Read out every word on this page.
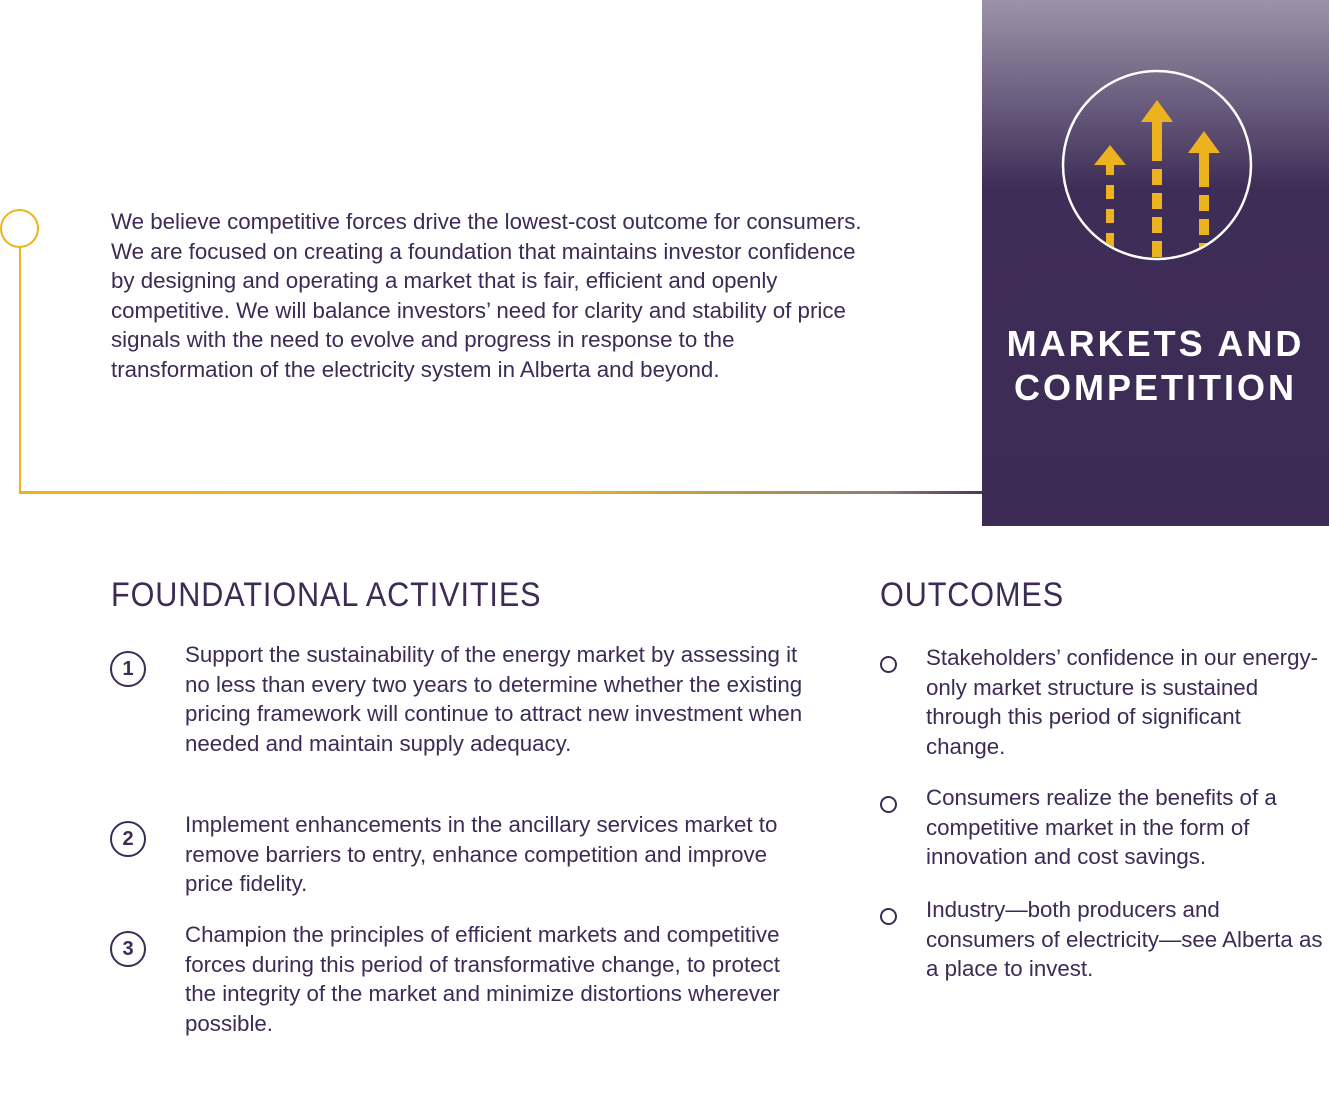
We believe competitive forces drive the lowest-cost outcome for consumers. We are focused on creating a foundation that maintains investor confidence by designing and operating a market that is fair, efficient and openly competitive. We will balance investors’ need for clarity and stability of price signals with the need to evolve and progress in response to the transformation of the electricity system in Alberta and beyond.

MARKETS AND
COMPETITION
FOUNDATIONAL ACTIVITIES	OUTCOMES
1

Support the sustainability of the energy market by assessing it no less than every two years to determine whether the existing pricing framework will continue to attract new investment when needed and maintain supply adequacy.

2

Implement enhancements in the ancillary services market to remove barriers to entry, enhance competition and improve price fidelity.

3

Champion the principles of efficient markets and competitive forces during this period of transformative change, to protect the integrity of the market and minimize distortions wherever possible.

Stakeholders’ confidence in our energy-only market structure is sustained through this period of significant change.

Consumers realize the benefits of a competitive market in the form of innovation and cost savings.

Industry—both producers and consumers of electricity—see Alberta as a place to invest.
